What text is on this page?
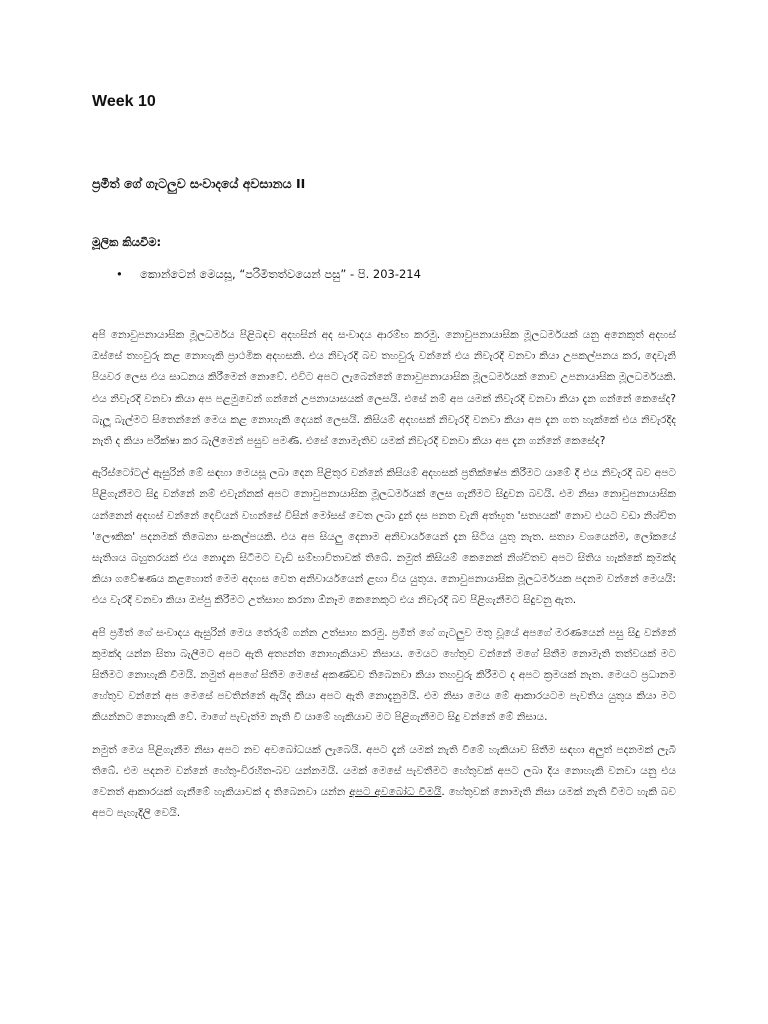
Week 10
ප්‍රමීත් ගේ ගැටලුව සංවාදයේ අවසානය II
මූලික කියවීම:
• කොන්ටෙන් මෙයසූ, “පරිමිතත්වයෙන් පසු” - පි. 203-214

අපි නොවුපනායාසික මූලධර්මය පිළිබඳව අදහසින් අද සංවාදය ආරම්භ කරමු. නොවුපනායාසික මූලධර්මයක් යනු අනෙකුත් අදහස් ඔස්සේ තහවුරු කළ නොහැකි ප්‍රාථමික අදහසකි. එය නිවැරදි බව තහවුරු වන්නේ එය නිවැරදි වනවා කියා උපකල්පනය කර, දෙවැනි පියවර ලෙස එය සාධනය කිරීමෙන් නොවේ. එවිට අපට ලැබෙන්නේ නොවුපනායාසික මූලධර්මයක් නොව උපනායාසික මූලධර්මයකි. එය නිවැරදි වනවා කියා අප පළමුවෙන් ගන්නේ උපනායාසයක් ලෙසයි. එසේ නම් අප යමක් නිවැරදි වනවා කියා දැන ගන්නේ කෙසේද? බැලූ බැල්මට සිතෙන්නේ මෙය කළ නොහැකි දෙයක් ලෙසයි. කිසියම් අදහසක් නිවැරදි වනවා කියා අප දැන ගත හැක්කේ එය නිවැරදිද නැති ද කියා පරීක්ෂා කර බැලීමෙන් පසුව පමණි. එසේ නොමැතිව යමක් නිවැරදි වනවා කියා අප දැන ගන්නේ කෙසේද?

ඇරිස්ටෝටල් ඇසුරින් මේ සඳහා මෙයසූ ලබා දෙන පිළිතුර වන්නේ කිසියම් අදහසක් ප්‍රතික්ෂේප කිරීමට යාමේ දී එය නිවැරදි බව අපට පිළිගැනීමට සිදු වන්නේ නම් එවැන්නක් අපට නොවුපනායාසික මූලධර්මයක් ලෙස ගැනීමට සිදුවන බවයි. එම නිසා නොවුපනායාසික යන්නෙන් අදහස් වන්නේ දෙවියන් වහන්සේ විසින් මෝසස් වෙත ලබා දුන් දස පනත වැනි අත්භූත 'සත්‍යයක්' නොව එයට වඩා නිශ්චිත 'ලෞකික' පදනමක් තිබෙනා සංකල්පයකි. එය අප සියලු දෙනාම අනිවාර්යයෙන් දැන සිටිය යුතු නැත. සත්‍යා වශයෙන්ම, ලෝකයේ සැතිශය බහුතරයක් එය නොදැන සිටීමට වැඩි සම්භාවිතාවක් තිබේ. නමුත් කිසියම් කෙනෙක් නිශ්චිතව අපට සිතිය හැක්කේ කුමක්ද කියා ගවේෂණය කළහොත් මෙම අදහස වෙත අනිවාර්යයෙන් ළඟා විය යුතුය. නොවුපනායාසික මූලධර්මයක පදනම වන්නේ මෙයයි: එය වැරදි වනවා කියා ඔප්පු කිරීමට උත්සාහ කරනා ඕනෑම කෙනෙකුට එය නිවැරදි බව පිළිගැනීමට සිදුවනු ඇත.

අපි ප්‍රමීත් ගේ සංවාදය ඇසුරින් මෙය තේරුම් ගන්න උත්සාහ කරමු. ප්‍රමීත් ගේ ගැටලුව මතු වූයේ අපගේ මරණයෙන් පසු සිදු වන්නේ කුමක්ද යන්න සිතා බැලීමට අපට ඇති අත්‍යන්ත නොහැකියාව නිසාය. මෙයට හේතුව වන්නේ මගේ සිතීම නොමැති තත්වයක් මට සිතීමට නොහැකි වීමයි. නමුත් අපගේ සිතීම මෙසේ අකණ්ඩව තිබෙනවා කියා තහවුරු කිරීමට ද අපට ක්‍රමයක් නැත. මෙයට ප්‍රධානම හේතුව වන්නේ අප මෙසේ පවතින්නේ ඇයිද කියා අපට ඇති නොදැනුමයි. එම නිසා මෙය මේ ආකාරයටම පැවතිය යුතුය කියා මට කියන්නට නොහැකි වේ. මාගේ පැවැත්ම නැති වී යාමේ හැකියාව මට පිළිගැනීමට සිදු වන්නේ මේ නිසාය.

නමුත් මෙය පිළිගැනීම නිසා අපට නව අවබෝධයක් ලැබෙයි. අපට දැන් යමක් නැති වීමේ හැකියාව සිතීම සඳහා අලුත් පදනමක් ලැබී තිබේ. එම පදනම වන්නේ හේතු-විරහිත-බව යන්නමයි. යමක් මෙසේ පැවතීමට හේතුවක් අපට ලබා දිය නොහැකි වනවා යනු එය වෙනත් ආකාරයක් ගැනීමේ හැකියාවක් ද තිබෙනවා යන්න අපට අවබෝධ වීමයි. හේතුවක් නොමැති නිසා යමක් නැති වීමට හැකි බව අපට පැහැදිලි වෙයි.
